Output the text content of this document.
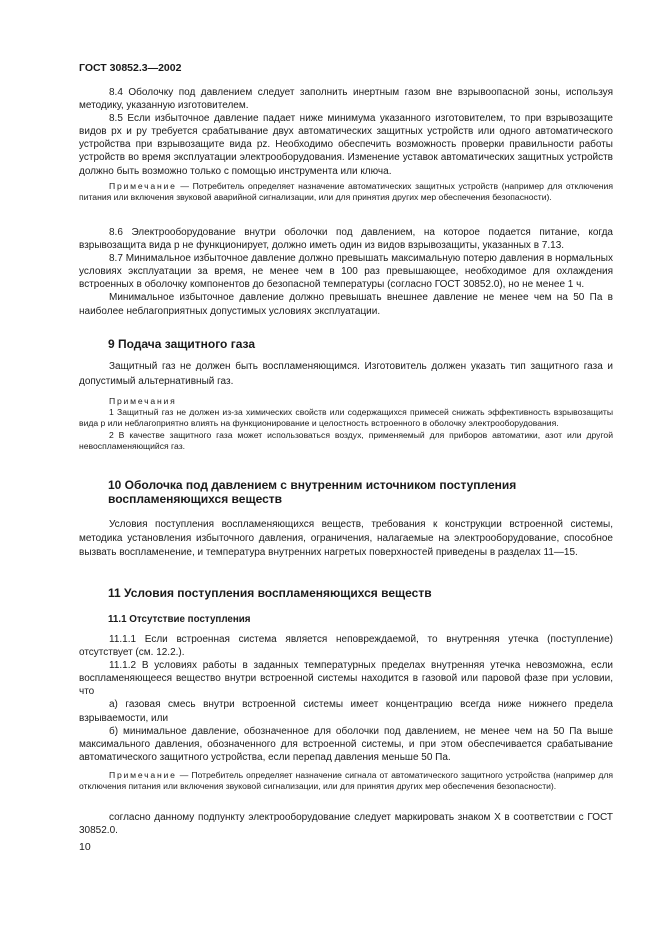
ГОСТ 30852.3—2002

8.4 Оболочку под давлением следует заполнить инертным газом вне взрывоопасной зоны, используя методику, указанную изготовителем.

8.5 Если избыточное давление падает ниже минимума указанного изготовителем, то при взрывозащите видов px и py требуется срабатывание двух автоматических защитных устройств или одного автоматического устройства при взрывозащите вида pz. Необходимо обеспечить возможность проверки правильности работы устройств во время эксплуатации электрооборудования. Изменение уставок автоматических защитных устройств должно быть возможно только с помощью инструмента или ключа.

Примечание — Потребитель определяет назначение автоматических защитных устройств (например для отключения питания или включения звуковой аварийной сигнализации, или для принятия других мер обеспечения безопасности).

8.6 Электрооборудование внутри оболочки под давлением, на которое подается питание, когда взрывозащита вида p не функционирует, должно иметь один из видов взрывозащиты, указанных в 7.13.

8.7 Минимальное избыточное давление должно превышать максимальную потерю давления в нормальных условиях эксплуатации за время, не менее чем в 100 раз превышающее, необходимое для охлаждения встроенных в оболочку компонентов до безопасной температуры (согласно ГОСТ 30852.0), но не менее 1 ч.

Минимальное избыточное давление должно превышать внешнее давление не менее чем на 50 Па в наиболее неблагоприятных допустимых условиях эксплуатации.

9 Подача защитного газа

Защитный газ не должен быть воспламеняющимся. Изготовитель должен указать тип защитного газа и допустимый альтернативный газ.

Примечания

1 Защитный газ не должен из-за химических свойств или содержащихся примесей снижать эффективность взрывозащиты вида p или неблагоприятно влиять на функционирование и целостность встроенного в оболочку электрооборудования.

2 В качестве защитного газа может использоваться воздух, применяемый для приборов автоматики, азот или другой невоспламеняющийся газ.

10 Оболочка под давлением с внутренним источником поступления воспламеняющихся веществ

Условия поступления воспламеняющихся веществ, требования к конструкции встроенной системы, методика установления избыточного давления, ограничения, налагаемые на электрооборудование, способное вызвать воспламенение, и температура внутренних нагретых поверхностей приведены в разделах 11—15.

11 Условия поступления воспламеняющихся веществ
11.1 Отсутствие поступления

11.1.1 Если встроенная система является неповреждаемой, то внутренняя утечка (поступление) отсутствует (см. 12.2.).

11.1.2 В условиях работы в заданных температурных пределах внутренняя утечка невозможна, если воспламеняющееся вещество внутри встроенной системы находится в газовой или паровой фазе при условии, что

а) газовая смесь внутри встроенной системы имеет концентрацию всегда ниже нижнего предела взрываемости, или

б) минимальное давление, обозначенное для оболочки под давлением, не менее чем на 50 Па выше максимального давления, обозначенного для встроенной системы, и при этом обеспечивается срабатывание автоматического защитного устройства, если перепад давления меньше 50 Па.

Примечание — Потребитель определяет назначение сигнала от автоматического защитного устройства (например для отключения питания или включения звуковой сигнализации, или для принятия других мер обеспечения безопасности).

согласно данному подпункту электрооборудование следует маркировать знаком X в соответствии с ГОСТ 30852.0.

10
